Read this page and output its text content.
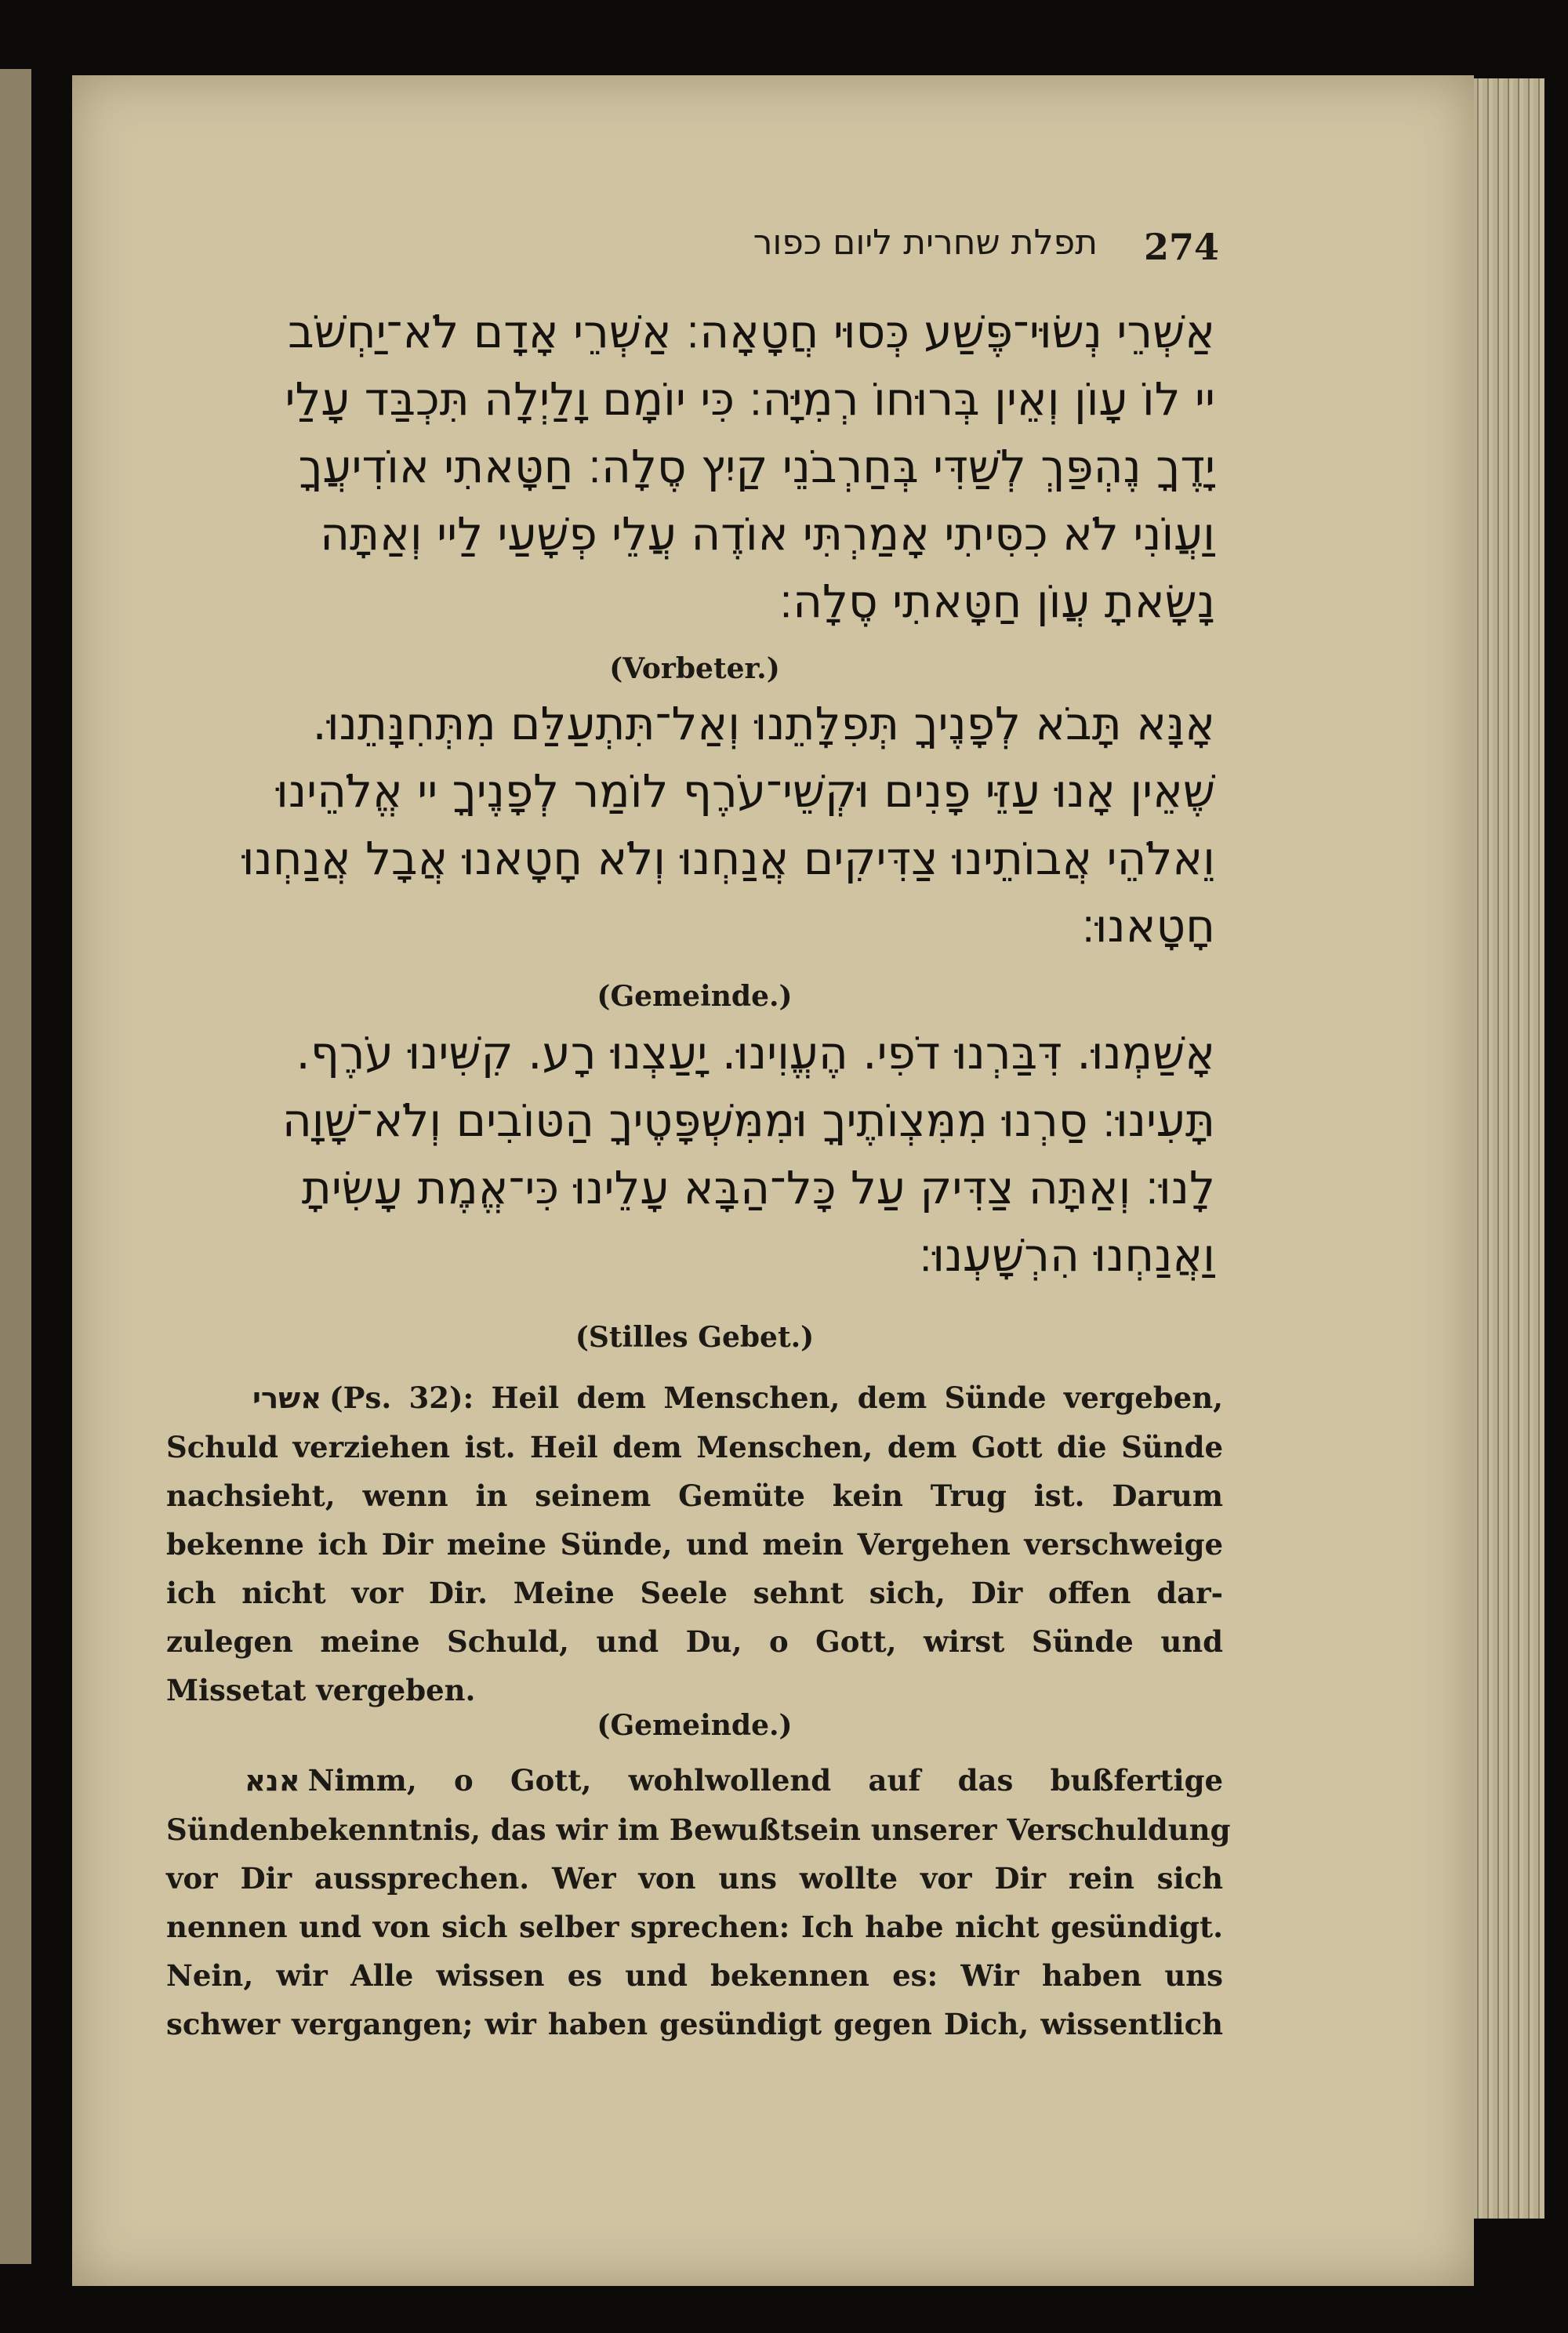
274
תפלת שחרית ליום כפור
אַשְׁרֵי נְשׂוּי־פֶּשַׁע כְּסוּי חֲטָאָה׃ אַשְׁרֵי אָדָם לֹא־יַחְשֹׁב
יי לוֹ עָוֹן וְאֵין בְּרוּחוֹ רְמִיָּה׃ כִּי יוֹמָם וָלַיְלָה תִּכְבַּד עָלַי
יָדֶךָ נֶהְפַּךְ לְשַׁדִּי בְּחַרְבֹנֵי קַיִץ סֶלָה׃ חַטָּאתִי אוֹדִיעֲךָ
וַעֲוֹנִי לֹא כִסִּיתִי אָמַרְתִּי אוֹדֶה עֲלֵי פְשָׁעַי לַיי וְאַתָּה
נָשָׂאתָ עֲוֹן חַטָּאתִי סֶלָה׃
(Vorbeter.)
אָנָּא תָּבֹא לְפָנֶיךָ תְּפִלָּתֵנוּ וְאַל־תִּתְעַלַּם מִתְּחִנָּתֵנוּ.
שֶׁאֵין אָנוּ עַזֵּי פָנִים וּקְשֵׁי־עֹרֶף לוֹמַר לְפָנֶיךָ יי אֱלֹהֵינוּ
וֵאלֹהֵי אֲבוֹתֵינוּ צַדִּיקִים אֲנַחְנוּ וְלֹא חָטָאנוּ אֲבָל אֲנַחְנוּ
חָטָאנוּ׃
(Gemeinde.)
אָשַׁמְנוּ. דִּבַּרְנוּ דֹפִי. הֶעֱוִינוּ. יָעַצְנוּ רָע. קִשִּׁינוּ עֹרֶף.
תָּעִינוּ׃ סַרְנוּ מִמִּצְוֹתֶיךָ וּמִמִּשְׁפָּטֶיךָ הַטּוֹבִים וְלֹא־שָׁוָה
לָנוּ׃ וְאַתָּה צַדִּיק עַל כָּל־הַבָּא עָלֵינוּ כִּי־אֱמֶת עָשִׂיתָ
וַאֲנַחְנוּ הִרְשָׁעְנוּ׃
(Stilles Gebet.)
אשרי (Ps. 32): Heil dem Menschen, dem Sünde vergeben,
Schuld verziehen ist. Heil dem Menschen, dem Gott die Sünde
nachsieht, wenn in seinem Gemüte kein Trug ist. Darum
bekenne ich Dir meine Sünde, und mein Vergehen verschweige
ich nicht vor Dir. Meine Seele sehnt sich, Dir offen dar-
zulegen meine Schuld, und Du, o Gott, wirst Sünde und
Missetat vergeben.
(Gemeinde.)
אנא Nimm, o Gott, wohlwollend auf das bußfertige
Sündenbekenntnis, das wir im Bewußtsein unserer Verschuldung
vor Dir aussprechen. Wer von uns wollte vor Dir rein sich
nennen und von sich selber sprechen: Ich habe nicht gesündigt.
Nein, wir Alle wissen es und bekennen es: Wir haben uns
schwer vergangen; wir haben gesündigt gegen Dich, wissentlich
